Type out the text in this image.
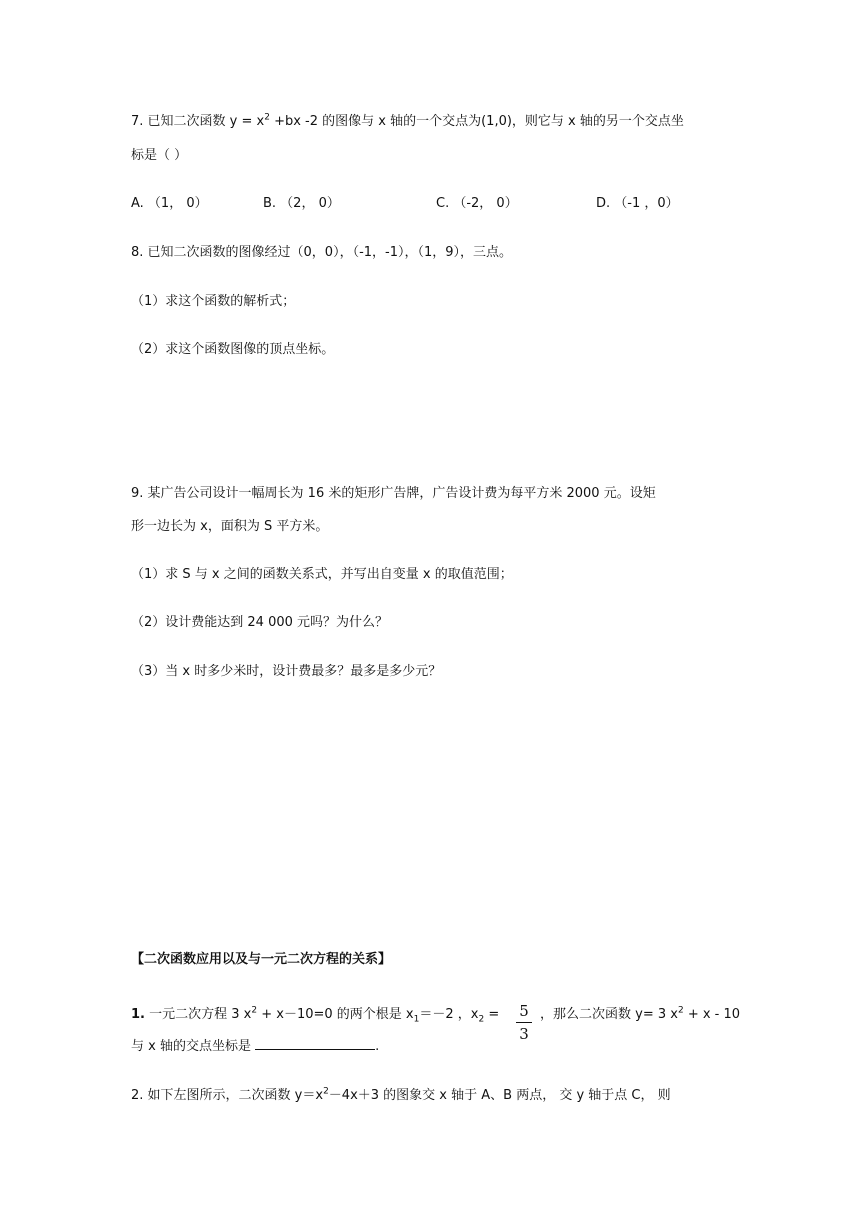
7. 已知二次函数 $y = x^2 +bx$ -2 的图像与 x 轴的一个交点为(1,0)，则它与 x 轴的另一个交点坐
标是（ ）
A. （1， 0）	B. （2， 0）	C. （-2， 0）	D. （-1 ，0）
8. 已知二次函数的图像经过（0，0），（-1，-1），（1，9），三点。
（1）求这个函数的解析式；
（2）求这个函数图像的顶点坐标。
9. 某广告公司设计一幅周长为 16 米的矩形广告牌，广告设计费为每平方米 2000 元。设矩
形一边长为 x，面积为 S 平方米。
（1）求 S 与 x 之间的函数关系式，并写出自变量 x 的取值范围；
（2）设计费能达到 24 000 元吗？为什么？
（3）当 x 时多少米时，设计费最多？最多是多少元？
【二次函数应用以及与一元二次方程的关系】
1. 一元二次方程 3 $x^2 + x-10=0$ 的两个根是 $x_1=-2$ ，$x_2 = 5$
3
，那么二次函数 y= 3 $x^2 + x - 10$
与 x 轴的交点坐标是	.
2. 如下左图所示，二次函数 $y=x^2-4x+3$ 的图象交 x 轴于 A、B 两点， 交 y 轴于点 C， 则
